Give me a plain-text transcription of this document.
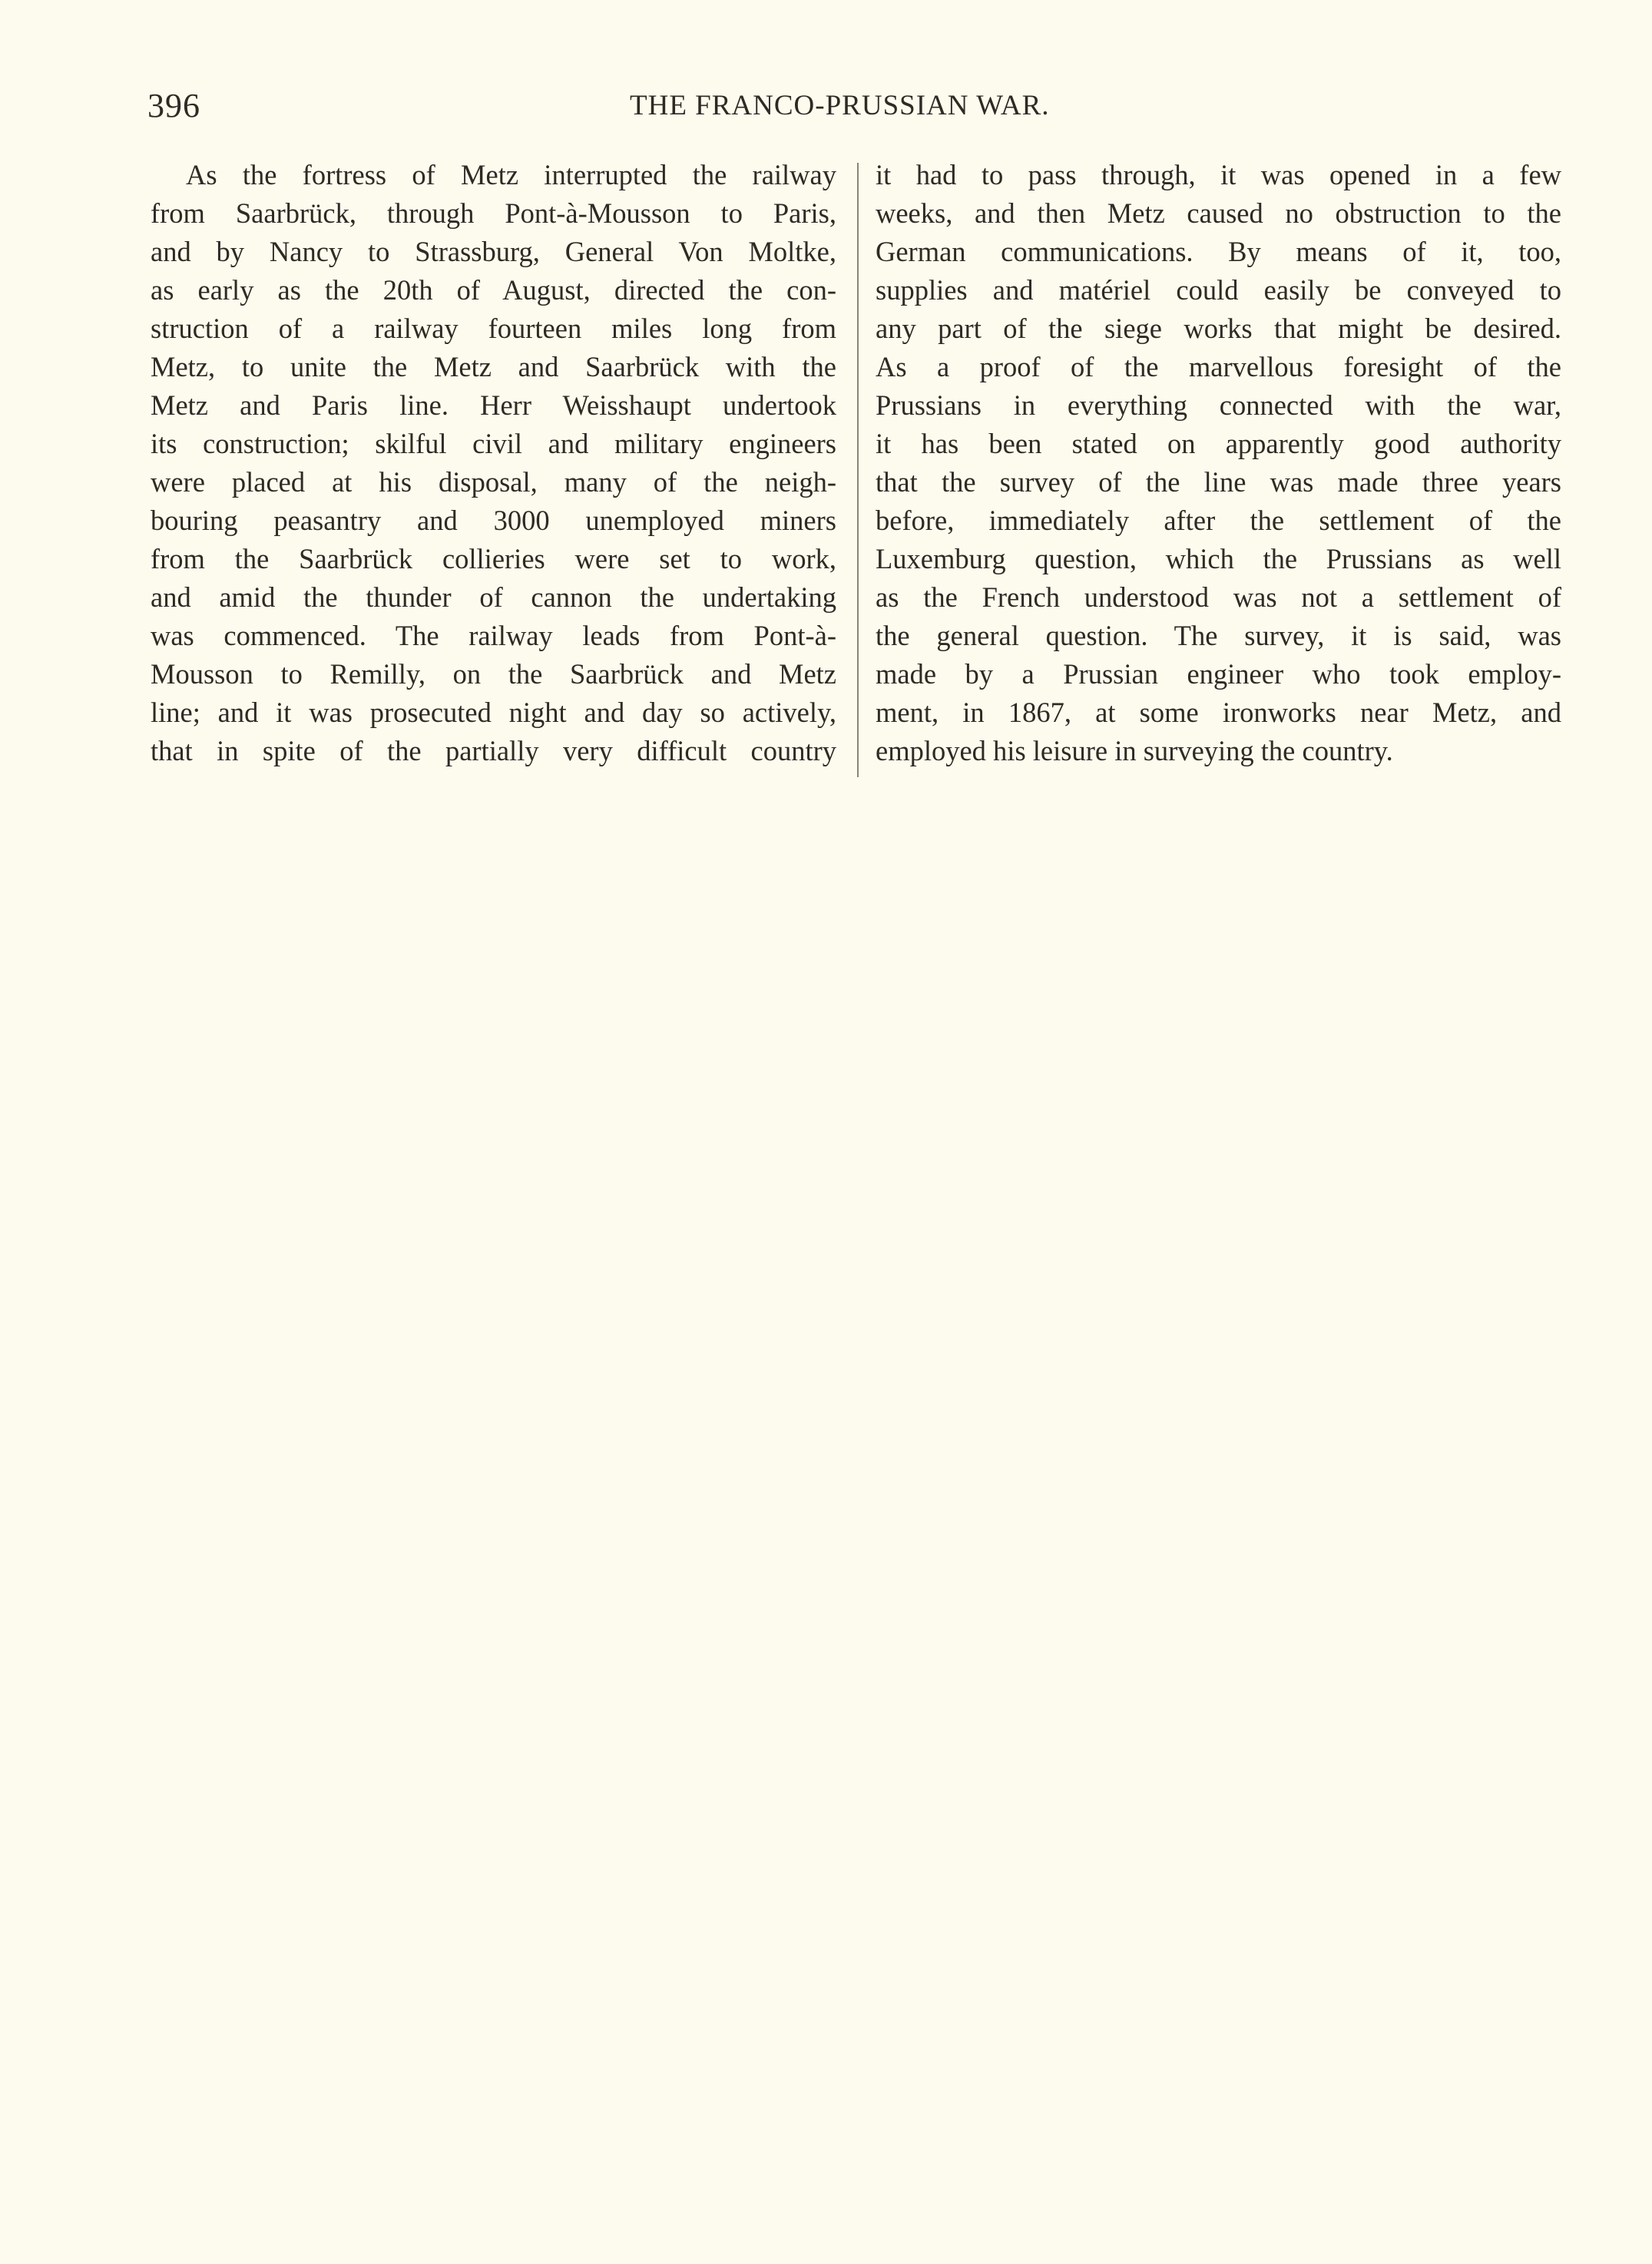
396	THE FRANCO-PRUSSIAN WAR.
As the fortress of Metz interrupted the railway
from Saarbrück, through Pont-à-Mousson to Paris,
and by Nancy to Strassburg, General Von Moltke,
as early as the 20th of August, directed the con-
struction of a railway fourteen miles long from
Metz, to unite the Metz and Saarbrück with the
Metz and Paris line. Herr Weisshaupt undertook
its construction; skilful civil and military engineers
were placed at his disposal, many of the neigh-
bouring peasantry and 3000 unemployed miners
from the Saarbrück collieries were set to work,
and amid the thunder of cannon the undertaking
was commenced. The railway leads from Pont-à-
Mousson to Remilly, on the Saarbrück and Metz
line; and it was prosecuted night and day so actively,
that in spite of the partially very difficult country
it had to pass through, it was opened in a few
weeks, and then Metz caused no obstruction to the
German communications. By means of it, too,
supplies and matériel could easily be conveyed to
any part of the siege works that might be desired.
As a proof of the marvellous foresight of the
Prussians in everything connected with the war,
it has been stated on apparently good authority
that the survey of the line was made three years
before, immediately after the settlement of the
Luxemburg question, which the Prussians as well
as the French understood was not a settlement of
the general question. The survey, it is said, was
made by a Prussian engineer who took employ-
ment, in 1867, at some ironworks near Metz, and
employed his leisure in surveying the country.
